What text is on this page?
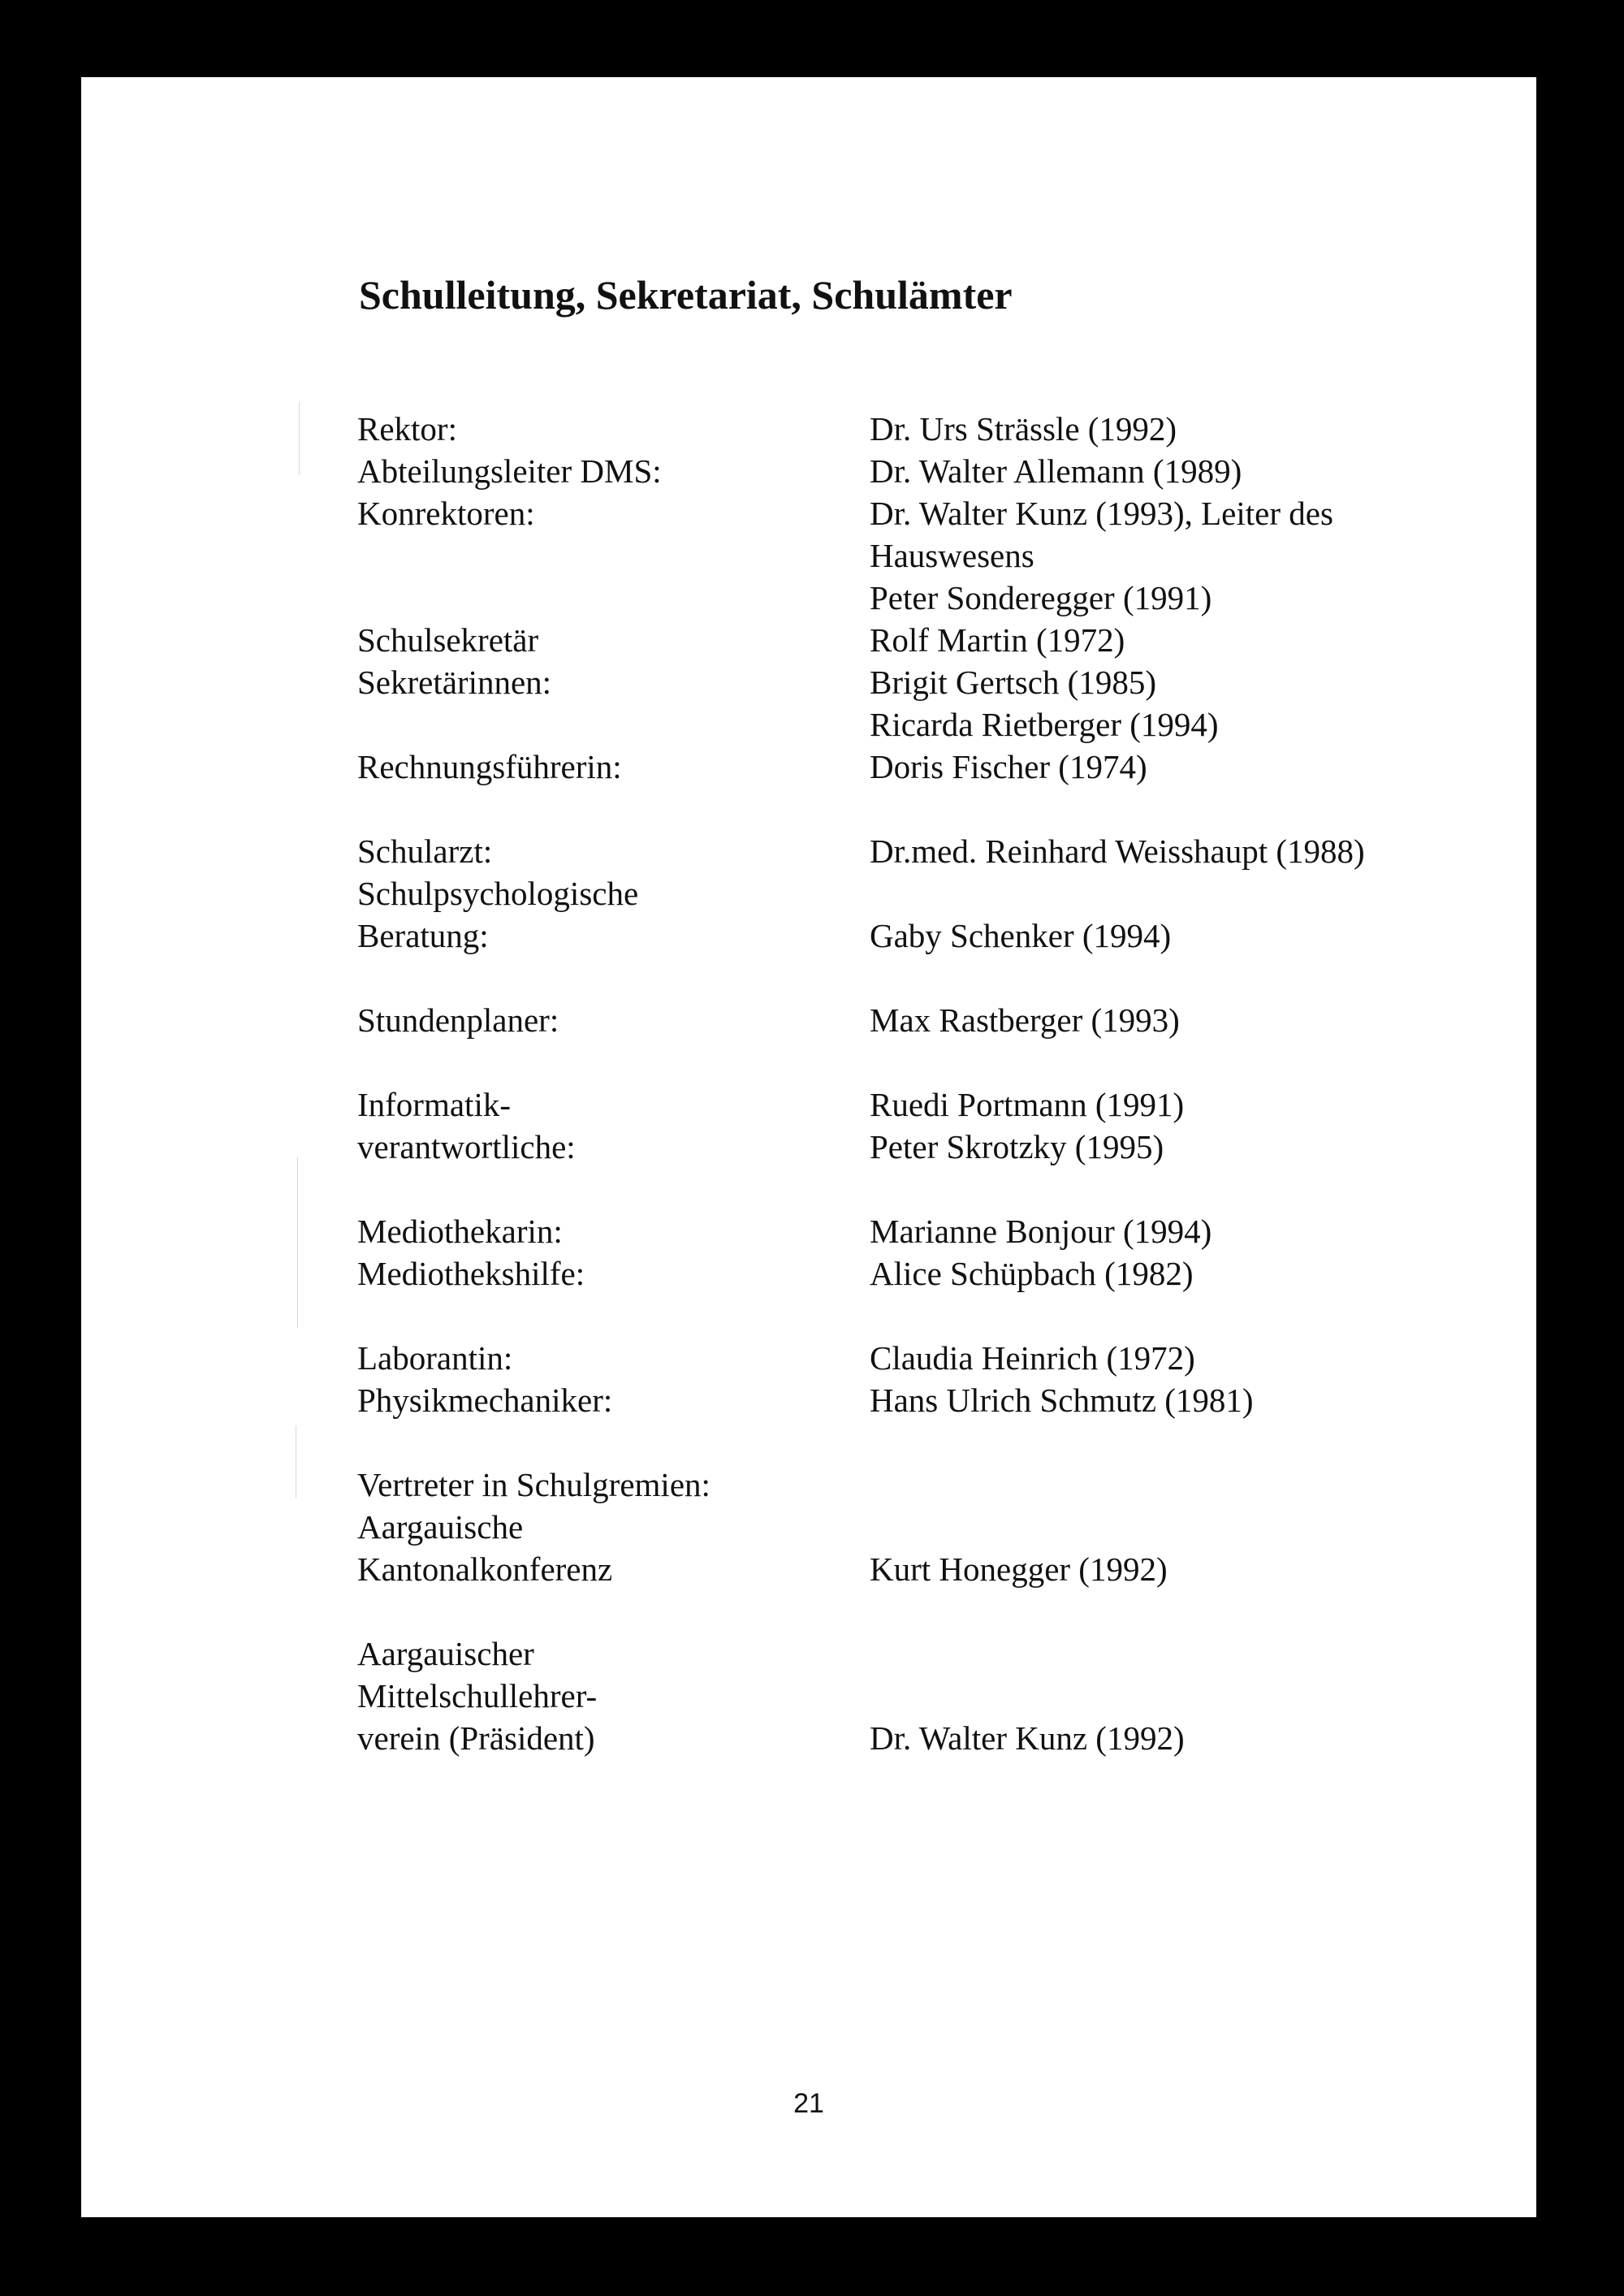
Schulleitung, Sekretariat, Schulämter

Rektor:

Abteilungsleiter DMS:

Konrektoren:

Schulsekretär

Sekretärinnen:

Rechnungsführerin:

Schularzt:

Schulpsychologische

Beratung:

Stundenplaner:

Informatik-

verantwortliche:

Mediothekarin:

Mediothekshilfe:

Laborantin:

Physikmechaniker:

Vertreter in Schulgremien:

Aargauische

Kantonalkonferenz

Aargauischer

Mittelschullehrer-

verein (Präsident)

Dr. Urs Strässle (1992)

Dr. Walter Allemann (1989)

Dr. Walter Kunz (1993), Leiter des

Hauswesens

Peter Sonderegger (1991)

Rolf Martin (1972)

Brigit Gertsch (1985)

Ricarda Rietberger (1994)

Doris Fischer (1974)

Dr.med. Reinhard Weisshaupt (1988)

Gaby Schenker (1994)

Max Rastberger (1993)

Ruedi Portmann (1991)

Peter Skrotzky (1995)

Marianne Bonjour (1994)

Alice Schüpbach (1982)

Claudia Heinrich (1972)

Hans Ulrich Schmutz (1981)

Kurt Honegger (1992)

Dr. Walter Kunz (1992)

21
